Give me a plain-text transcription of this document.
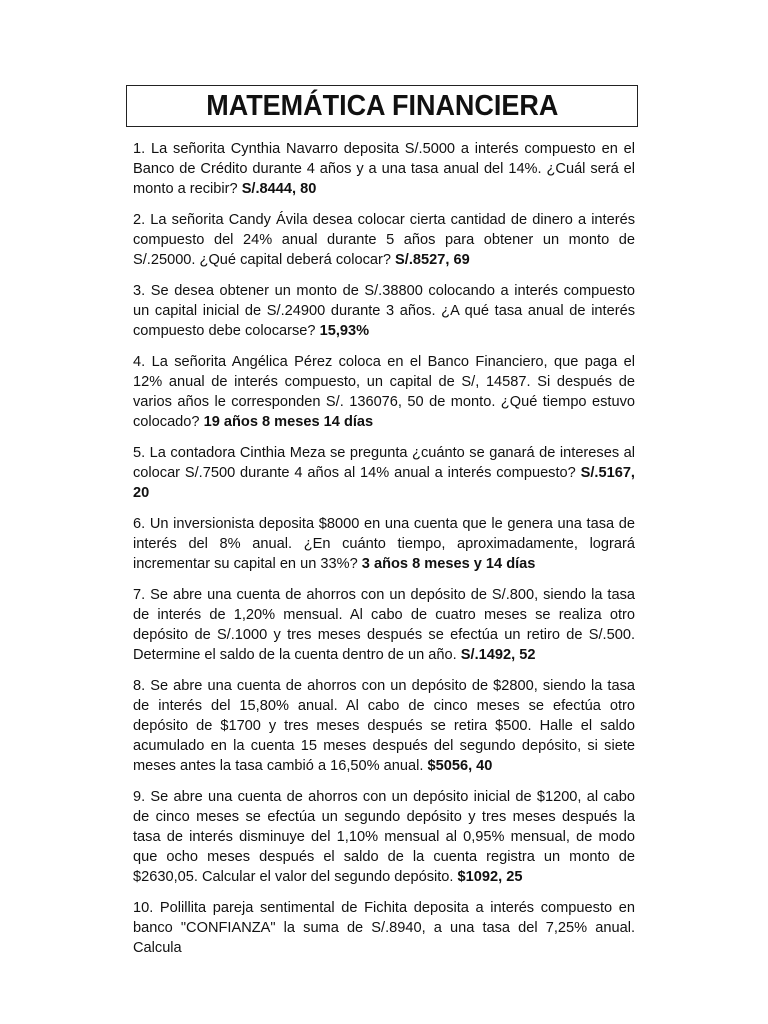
MATEMÁTICA FINANCIERA

1. La señorita Cynthia Navarro deposita S/.5000 a interés compuesto en el Banco de Crédito durante 4 años y a una tasa anual del 14%. ¿Cuál será el monto a recibir? S/.8444, 80

2. La señorita Candy Ávila desea colocar cierta cantidad de dinero a interés compuesto del 24% anual durante 5 años para obtener un monto de S/.25000. ¿Qué capital deberá colocar? S/.8527, 69

3. Se desea obtener un monto de S/.38800 colocando a interés compuesto un capital inicial de S/.24900 durante 3 años. ¿A qué tasa anual de interés compuesto debe colocarse? 15,93%

4. La señorita Angélica Pérez coloca en el Banco Financiero, que paga el 12% anual de interés compuesto, un capital de S/, 14587. Si después de varios años le corresponden S/. 136076, 50 de monto. ¿Qué tiempo estuvo colocado? 19 años 8 meses 14 días

5. La contadora Cinthia Meza se pregunta ¿cuánto se ganará de intereses al colocar S/.7500 durante 4 años al 14% anual a interés compuesto? S/.5167, 20

6. Un inversionista deposita $8000 en una cuenta que le genera una tasa de interés del 8% anual. ¿En cuánto tiempo, aproximadamente, logrará incrementar su capital en un 33%? 3 años 8 meses y 14 días

7. Se abre una cuenta de ahorros con un depósito de S/.800, siendo la tasa de interés de 1,20% mensual. Al cabo de cuatro meses se realiza otro depósito de S/.1000 y tres meses después se efectúa un retiro de S/.500. Determine el saldo de la cuenta dentro de un año. S/.1492, 52

8. Se abre una cuenta de ahorros con un depósito de $2800, siendo la tasa de interés del 15,80% anual. Al cabo de cinco meses se efectúa otro depósito de $1700 y tres meses después se retira $500. Halle el saldo acumulado en la cuenta 15 meses después del segundo depósito, si siete meses antes la tasa cambió a 16,50% anual. $5056, 40

9. Se abre una cuenta de ahorros con un depósito inicial de $1200, al cabo de cinco meses se efectúa un segundo depósito y tres meses después la tasa de interés disminuye del 1,10% mensual al 0,95% mensual, de modo que ocho meses después el saldo de la cuenta registra un monto de $2630,05. Calcular el valor del segundo depósito. $1092, 25

10. Polillita pareja sentimental de Fichita deposita a interés compuesto en banco "CONFIANZA" la suma de S/.8940, a una tasa del 7,25% anual. Calcula
